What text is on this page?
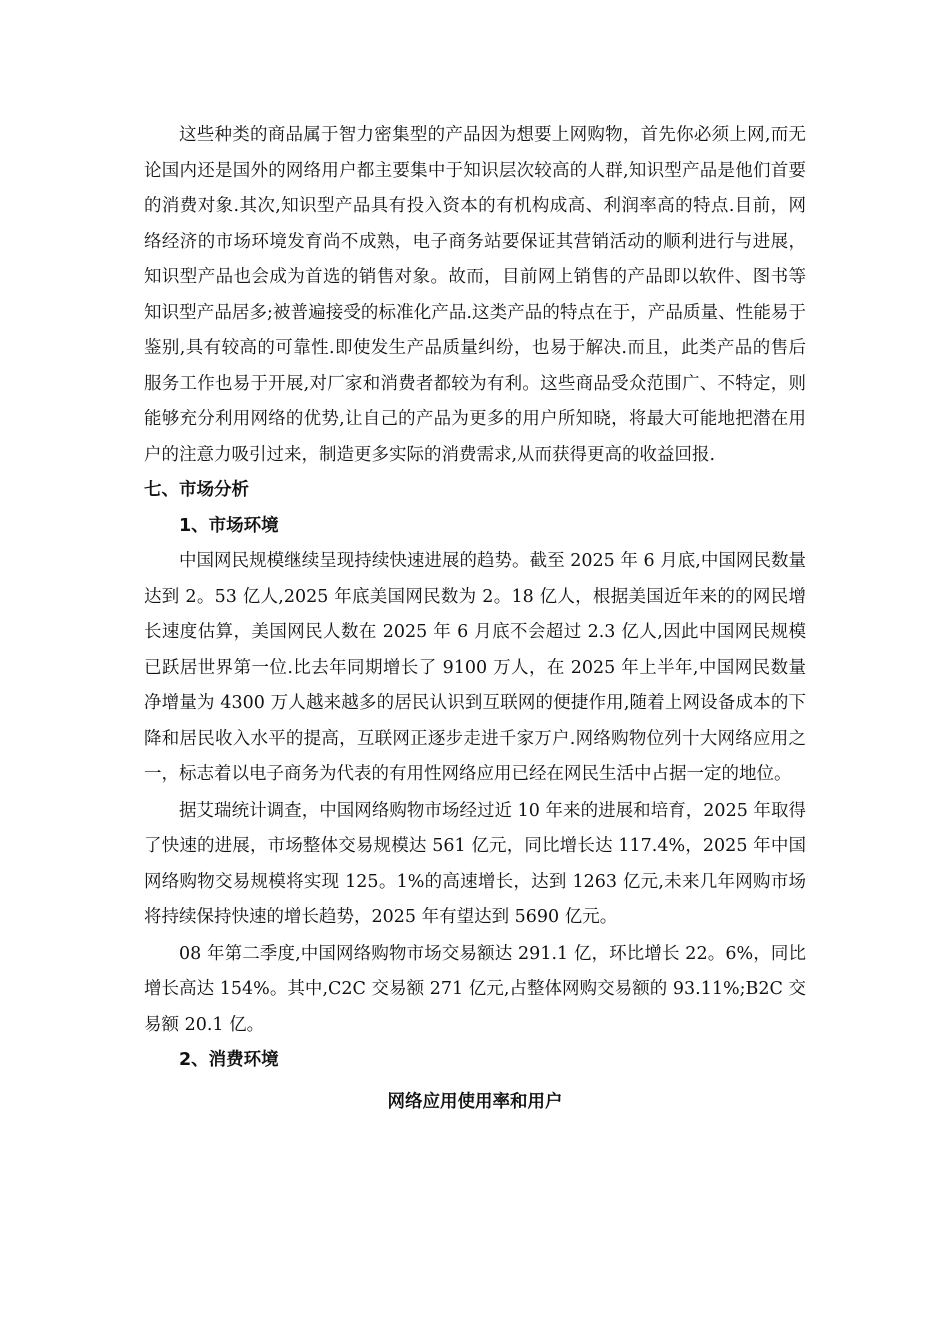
这些种类的商品属于智力密集型的产品因为想要上网购物，首先你必须上网,而无论国内还是国外的网络用户都主要集中于知识层次较高的人群,知识型产品是他们首要的消费对象.其次,知识型产品具有投入资本的有机构成高、利润率高的特点.目前，网络经济的市场环境发育尚不成熟，电子商务站要保证其营销活动的顺利进行与进展，知识型产品也会成为首选的销售对象。故而，目前网上销售的产品即以软件、图书等知识型产品居多;被普遍接受的标准化产品.这类产品的特点在于，产品质量、性能易于鉴别,具有较高的可靠性.即使发生产品质量纠纷，也易于解决.而且，此类产品的售后服务工作也易于开展,对厂家和消费者都较为有利。这些商品受众范围广、不特定，则能够充分利用网络的优势,让自己的产品为更多的用户所知晓，将最大可能地把潜在用户的注意力吸引过来，制造更多实际的消费需求,从而获得更高的收益回报.

七、市场分析

1、市场环境

中国网民规模继续呈现持续快速进展的趋势。截至 2025 年 6 月底,中国网民数量达到 2。53 亿人,2025 年底美国网民数为 2。18 亿人，根据美国近年来的的网民增长速度估算，美国网民人数在 2025 年 6 月底不会超过 2.3 亿人,因此中国网民规模已跃居世界第一位.比去年同期增长了 9100 万人，在 2025 年上半年,中国网民数量净增量为 4300 万人越来越多的居民认识到互联网的便捷作用,随着上网设备成本的下降和居民收入水平的提高，互联网正逐步走进千家万户.网络购物位列十大网络应用之一，标志着以电子商务为代表的有用性网络应用已经在网民生活中占据一定的地位。

据艾瑞统计调查，中国网络购物市场经过近 10 年来的进展和培育，2025 年取得了快速的进展，市场整体交易规模达 561 亿元，同比增长达 117.4%，2025 年中国网络购物交易规模将实现 125。1%的高速增长，达到 1263 亿元,未来几年网购市场将持续保持快速的增长趋势，2025 年有望达到 5690 亿元。

08 年第二季度,中国网络购物市场交易额达 291.1 亿，环比增长 22。6%，同比增长高达 154%。其中,C2C 交易额 271 亿元,占整体网购交易额的 93.11%;B2C 交易额 20.1 亿。

2、消费环境

网络应用使用率和用户
